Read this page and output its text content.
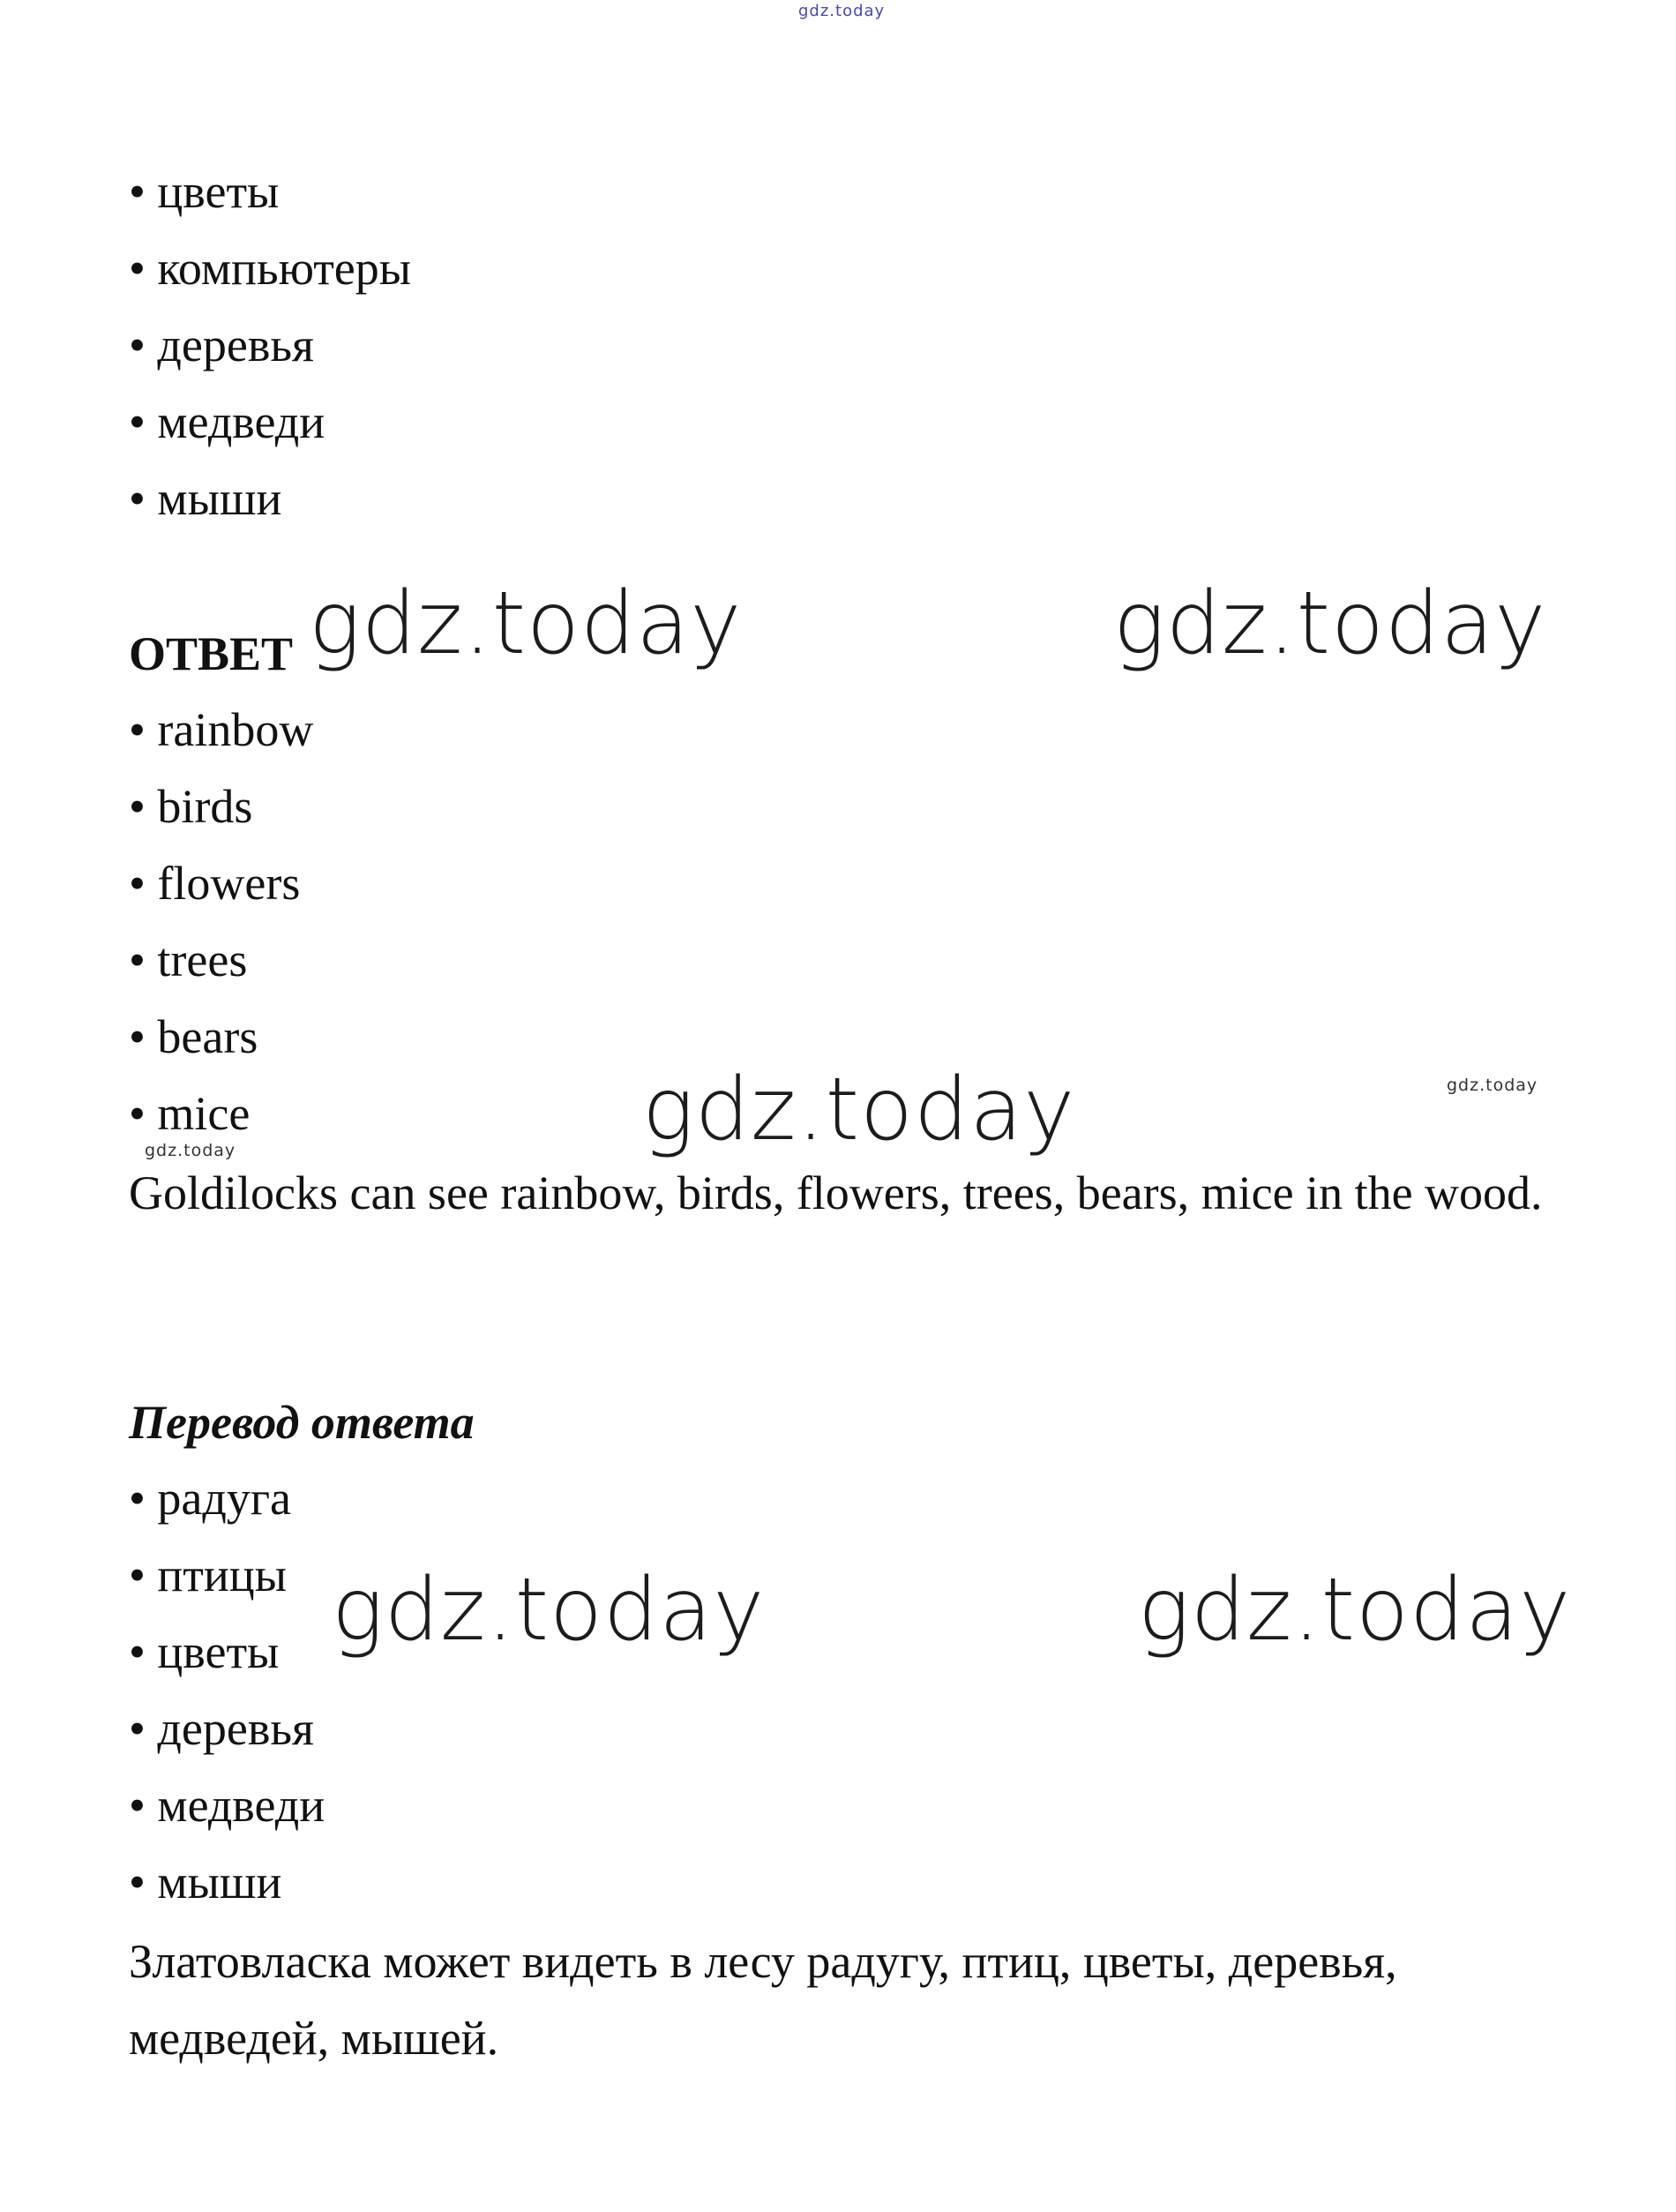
gdz.today
• цветы
• компьютеры
• деревья
• медведи
• мыши
ОТВЕТ
• rainbow
• birds
• flowers
• trees
• bears
• mice
Goldilocks can see rainbow, birds, flowers, trees, bears, mice in the wood.
Перевод ответа
• радуга
• птицы
• цветы
• деревья
• медведи
• мыши
Златовласка может видеть в лесу радугу, птиц, цветы, деревья, медведей, мышей.
gdz.today	gdz.today
gdz.today
gdz.today	gdz.today
gdz.today
gdz.today
